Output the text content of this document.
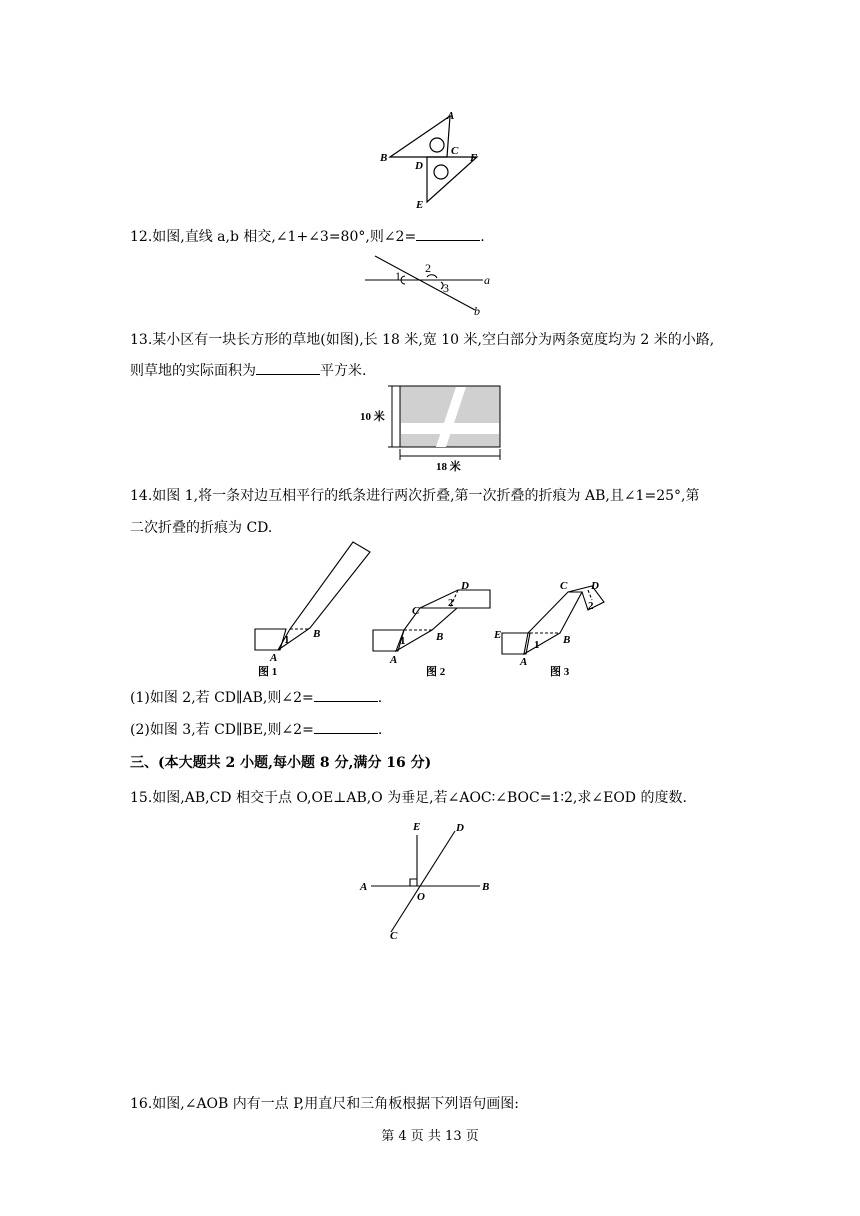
A
B
C
D
E
F
12.如图,直线 a,b 相交,∠1+∠3=80°,则∠2=	.
1
2
3
a
b
13.某小区有一块长方形的草地(如图),长 18 米,宽 10 米,空白部分为两条宽度均为 2 米的小路,
则草地的实际面积为	平方米.
10 米
18 米
14.如图 1,将一条对边互相平行的纸条进行两次折叠,第一次折叠的折痕为 AB,且∠1=25°,第
二次折叠的折痕为 CD.
A
B
1
图 1
A
B
C
D
1
2
图 2
E
A
B
C D
1
2
图 3
(1)如图 2,若 CD∥AB,则∠2=	.
(2)如图 3,若 CD∥BE,则∠2=	.
三、(本大题共 2 小题,每小题 8 分,满分 16 分)
15.如图,AB,CD 相交于点 O,OE⊥AB,O 为垂足,若∠AOC∶∠BOC=1∶2,求∠EOD 的度数.
A	B
C
D
E
O
16.如图,∠AOB 内有一点 P,用直尺和三角板根据下列语句画图:
第 4 页 共 13 页
